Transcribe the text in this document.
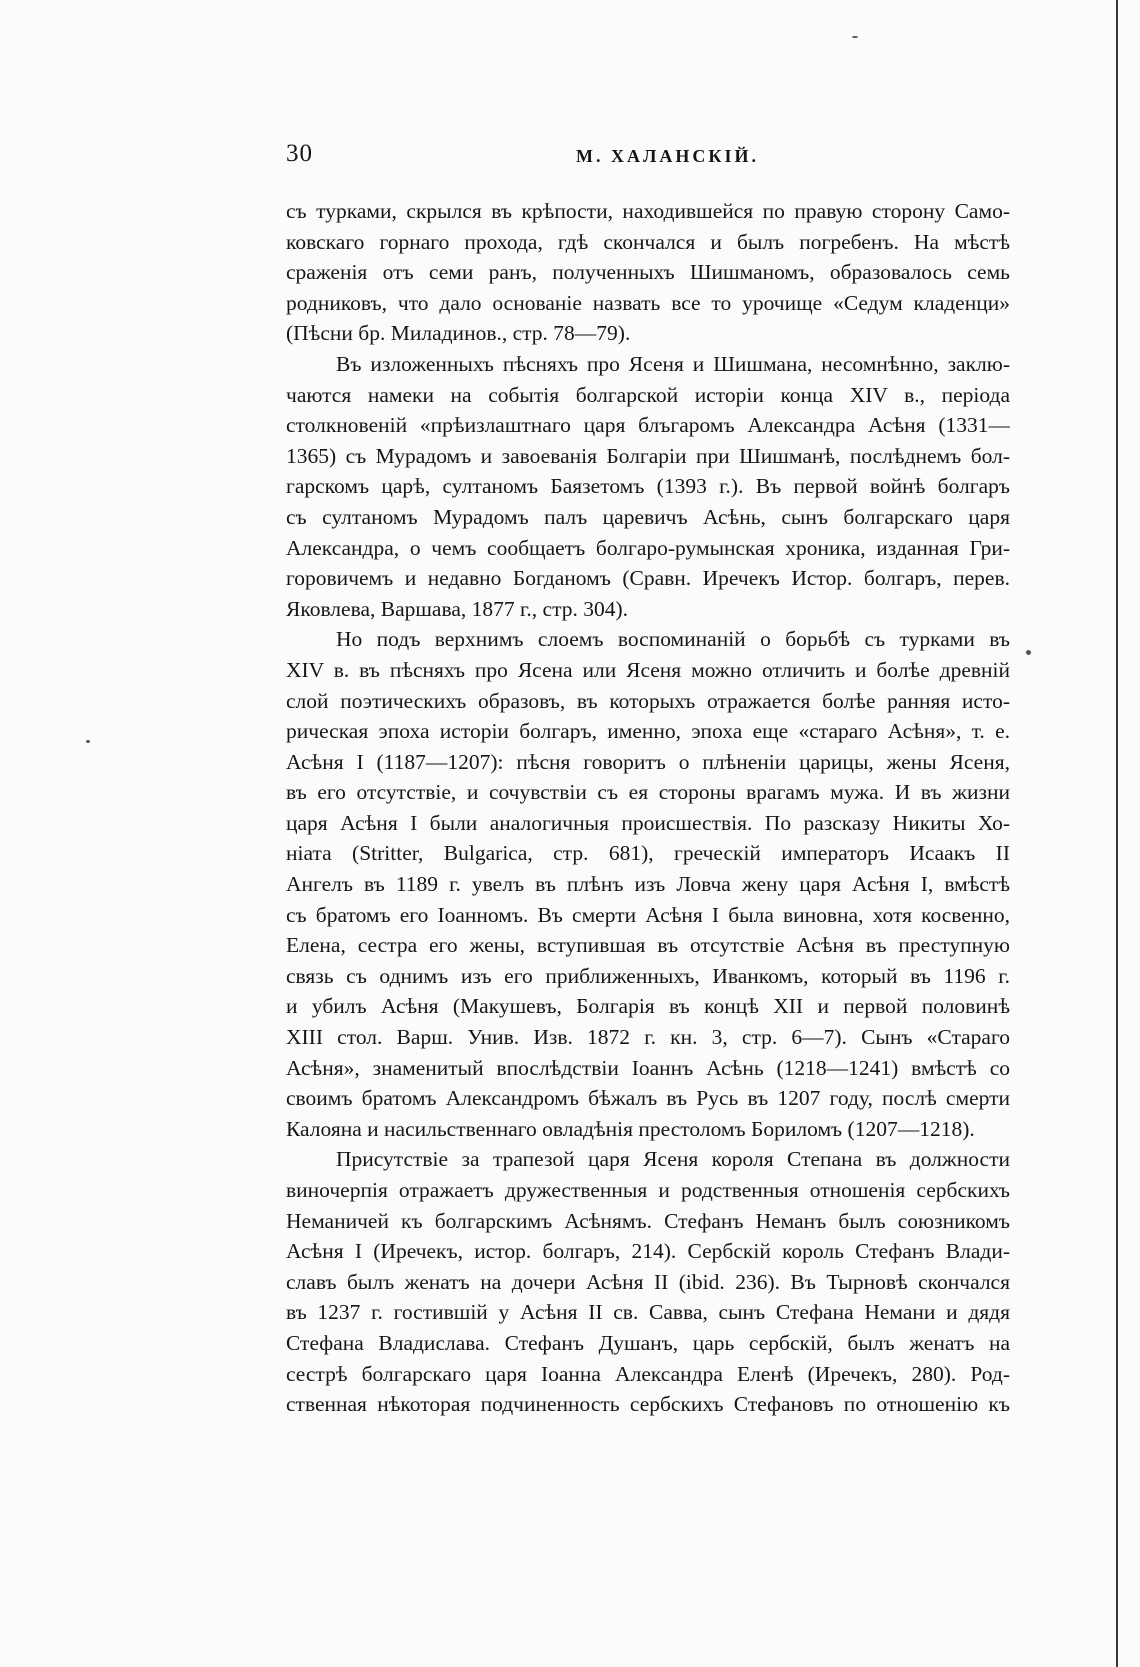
30	М. ХАЛАНСКІЙ.
съ турками, скрылся въ крѣпости, находившейся по правую сторону Само-
ковскаго горнаго прохода, гдѣ скончался и былъ погребенъ. На мѣстѣ
сраженія отъ семи ранъ, полученныхъ Шишманомъ, образовалось семь
родниковъ, что дало основаніе назвать все то урочище «Седум кладенци»
(Пѣсни бр. Миладинов., стр. 78—79).
Въ изложенныхъ пѣсняхъ про Ясеня и Шишмана, несомнѣнно, заклю-
чаются намеки на событія болгарской исторіи конца XIV в., періода
столкновеній «прѣизлаштнаго царя блъгаромъ Александра Асѣня (1331—
1365) съ Мурадомъ и завоеванія Болгаріи при Шишманѣ, послѣднемъ бол-
гарскомъ царѣ, султаномъ Баязетомъ (1393 г.). Въ первой войнѣ болгаръ
съ султаномъ Мурадомъ палъ царевичъ Асѣнь, сынъ болгарскаго царя
Александра, о чемъ сообщаетъ болгаро-румынская хроника, изданная Гри-
горовичемъ и недавно Богданомъ (Сравн. Иречекъ Истор. болгаръ, перев.
Яковлева, Варшава, 1877 г., стр. 304).
Но подъ верхнимъ слоемъ воспоминаній о борьбѣ съ турками въ
XIV в. въ пѣсняхъ про Ясена или Ясеня можно отличить и болѣе древній
слой поэтическихъ образовъ, въ которыхъ отражается болѣе ранняя исто-
рическая эпоха исторіи болгаръ, именно, эпоха еще «стараго Асѣня», т. е.
Асѣня I (1187—1207): пѣсня говоритъ о плѣненіи царицы, жены Ясеня,
въ его отсутствіе, и сочувствіи съ ея стороны врагамъ мужа. И въ жизни
царя Асѣня I были аналогичныя происшествія. По разсказу Никиты Хо-
ніата (Stritter, Bulgarica, стр. 681), греческій императоръ Исаакъ II
Ангелъ въ 1189 г. увелъ въ плѣнъ изъ Ловча жену царя Асѣня I, вмѣстѣ
съ братомъ его Іоанномъ. Въ смерти Асѣня I была виновна, хотя косвенно,
Елена, сестра его жены, вступившая въ отсутствіе Асѣня въ преступную
связь съ однимъ изъ его приближенныхъ, Иванкомъ, который въ 1196 г.
и убилъ Асѣня (Макушевъ, Болгарія въ концѣ XII и первой половинѣ
XIII стол. Варш. Унив. Изв. 1872 г. кн. 3, стр. 6—7). Сынъ «Стараго
Асѣня», знаменитый впослѣдствіи Іоаннъ Асѣнь (1218—1241) вмѣстѣ со
своимъ братомъ Александромъ бѣжалъ въ Русь въ 1207 году, послѣ смерти
Калояна и насильственнаго овладѣнія престоломъ Бориломъ (1207—1218).
Присутствіе за трапезой царя Ясеня короля Степана въ должности
виночерпія отражаетъ дружественныя и родственныя отношенія сербскихъ
Неманичей къ болгарскимъ Асѣнямъ. Стефанъ Неманъ былъ союзникомъ
Асѣня I (Иречекъ, истор. болгаръ, 214). Сербскій король Стефанъ Влади-
славъ былъ женатъ на дочери Асѣня II (ibid. 236). Въ Тырновѣ скончался
въ 1237 г. гостившій у Асѣня II св. Савва, сынъ Стефана Немани и дядя
Стефана Владислава. Стефанъ Душанъ, царь сербскій, былъ женатъ на
сестрѣ болгарскаго царя Іоанна Александра Еленѣ (Иречекъ, 280). Род-
ственная нѣкоторая подчиненность сербскихъ Стефановъ по отношенію къ
